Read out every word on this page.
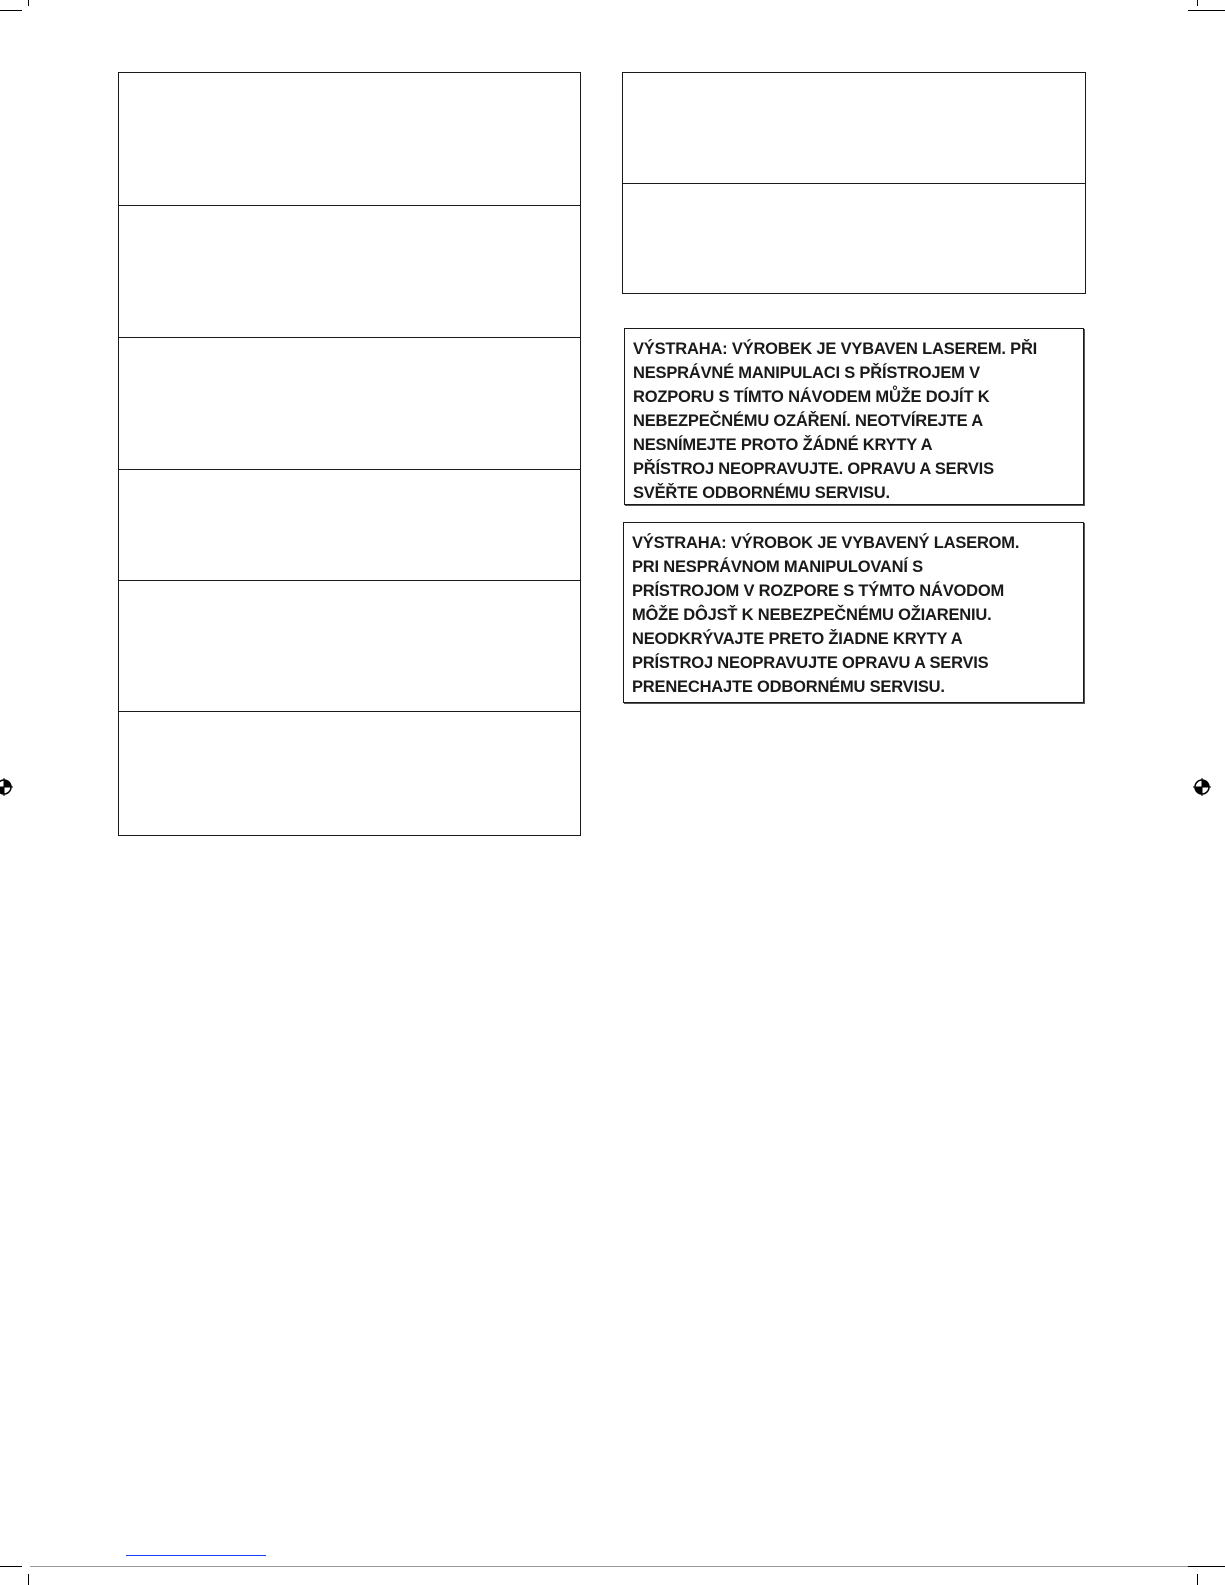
VÝSTRAHA: VÝROBEK JE VYBAVEN LASEREM. PŘI
NESPRÁVNÉ MANIPULACI S PŘÍSTROJEM V
ROZPORU S TÍMTO NÁVODEM MŮŽE DOJÍT K
NEBEZPEČNÉMU OZÁŘENÍ. NEOTVÍREJTE A
NESNÍMEJTE PROTO ŽÁDNÉ KRYTY A
PŘÍSTROJ NEOPRAVUJTE. OPRAVU A SERVIS
SVĚŘTE ODBORNÉMU SERVISU.
VÝSTRAHA: VÝROBOK JE VYBAVENÝ LASEROM.
PRI NESPRÁVNOM MANIPULOVANÍ S
PRÍSTROJOM V ROZPORE S TÝMTO NÁVODOM
MÔŽE DÔJSŤ K NEBEZPEČNÉMU OŽIARENIU.
NEODKRÝVAJTE PRETO ŽIADNE KRYTY A
PRÍSTROJ NEOPRAVUJTE OPRAVU A SERVIS
PRENECHAJTE ODBORNÉMU SERVISU.
